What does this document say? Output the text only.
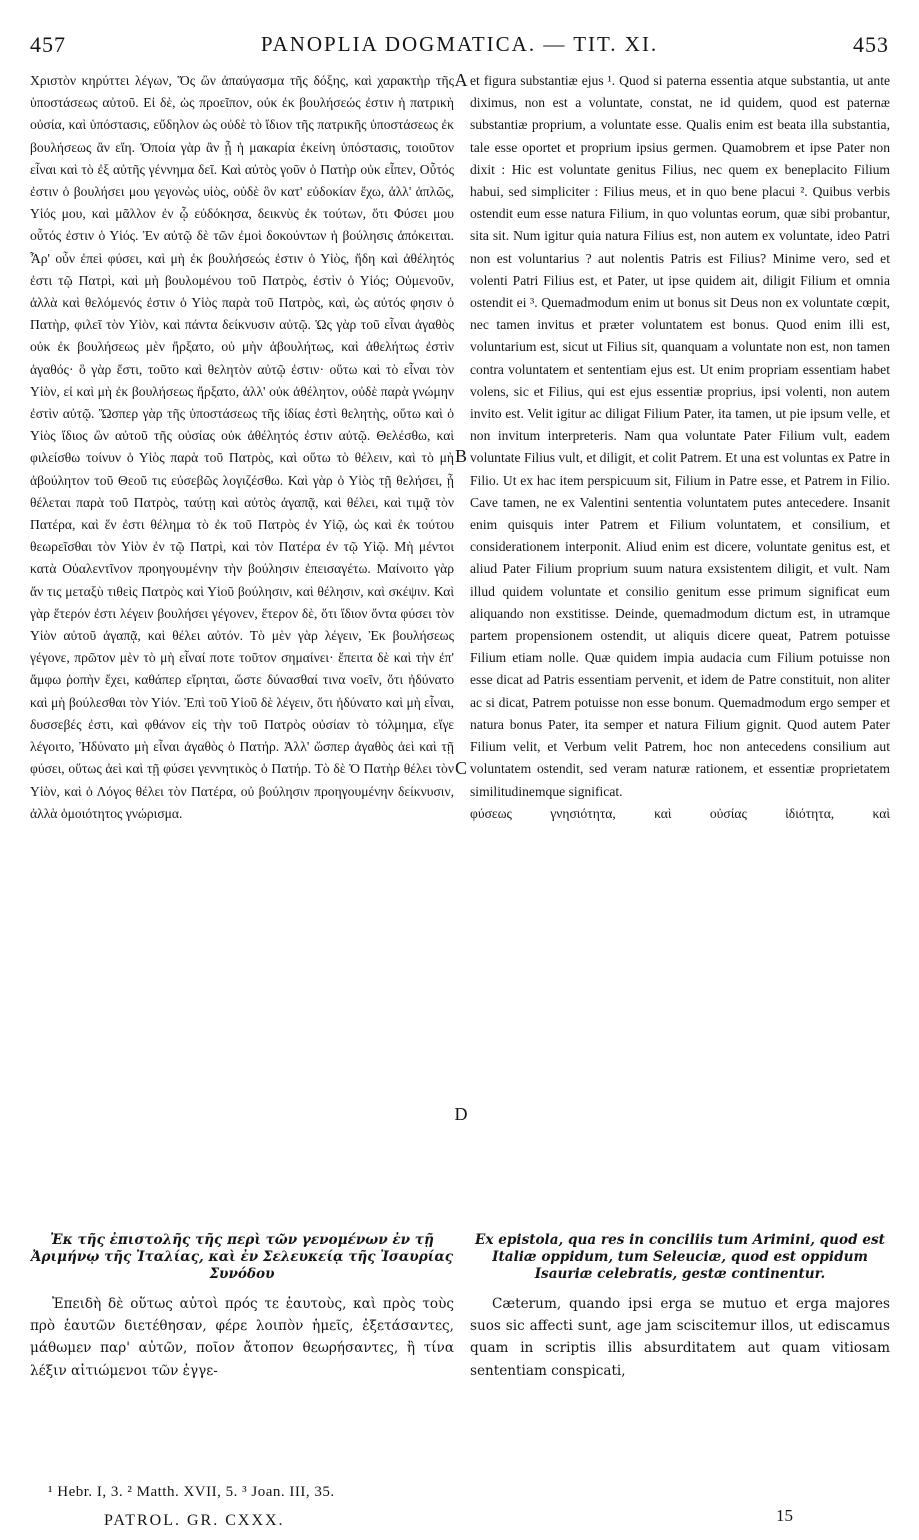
457	PANOPLIA DOGMATICA. — TIT. XI.	453

Χριστὸν κηρύττει λέγων, Ὅς ὢν ἀπαύγασμα τῆς δόξης, καὶ χαρακτὴρ τῆς ὑποστάσεως αὐτοῦ. Εἰ δὲ, ὡς προεῖπον, οὐκ ἐκ βουλήσεώς ἐστιν ἡ πατρικὴ οὐσία, καὶ ὑπόστασις, εὔδηλον ὡς οὐδὲ τὸ ἴδιον τῆς πατρικῆς ὑποστάσεως ἐκ βουλήσεως ἂν εἴη. Ὁποία γὰρ ἂν ᾖ ἡ μακαρία ἐκείνη ὑπόστασις, τοιοῦτον εἶναι καὶ τὸ ἐξ αὐτῆς γέννημα δεῖ. Καὶ αὐτὸς γοῦν ὁ Πατὴρ οὐκ εἶπεν, Οὗτός ἐστιν ὁ βουλήσει μου γεγονὼς υἱὸς, οὐδὲ ὃν κατ' εὐδοκίαν ἔχω, ἀλλ' ἁπλῶς, Υἱός μου, καὶ μᾶλλον ἐν ᾧ εὐδόκησα, δεικνὺς ἐκ τούτων, ὅτι Φύσει μου οὗτός ἐστιν ὁ Υἱός. Ἐν αὐτῷ δὲ τῶν ἐμοὶ δοκούντων ἡ βούλησις ἀπόκειται. Ἆρ' οὖν ἐπεὶ φύσει, καὶ μὴ ἐκ βουλήσεώς ἐστιν ὁ Υἱὸς, ἤδη καὶ ἀθέλητός ἐστι τῷ Πατρὶ, καὶ μὴ βουλομένου τοῦ Πατρὸς, ἐστὶν ὁ Υἱός; Οὐμενοῦν, ἀλλὰ καὶ θελόμενός ἐστιν ὁ Υἱὸς παρὰ τοῦ Πατρὸς, καὶ, ὡς αὐτός φησιν ὁ Πατὴρ, φιλεῖ τὸν Υἱὸν, καὶ πάντα δείκνυσιν αὐτῷ. Ὡς γὰρ τοῦ εἶναι ἀγαθὸς οὐκ ἐκ βουλήσεως μὲν ἤρξατο, οὐ μὴν ἀβουλήτως, καὶ ἀθελήτως ἐστὶν ἀγαθός· ὃ γὰρ ἔστι, τοῦτο καὶ θελητὸν αὐτῷ ἐστιν· οὕτω καὶ τὸ εἶναι τὸν Υἱὸν, εἰ καὶ μὴ ἐκ βουλήσεως ἤρξατο, ἀλλ' οὐκ ἀθέλητον, οὐδὲ παρὰ γνώμην ἐστὶν αὐτῷ. Ὥσπερ γὰρ τῆς ὑποστάσεως τῆς ἰδίας ἐστὶ θελητὴς, οὕτω καὶ ὁ Υἱὸς ἴδιος ὢν αὐτοῦ τῆς οὐσίας οὐκ ἀθέλητός ἐστιν αὐτῷ. Θελέσθω, καὶ φιλείσθω τοίνυν ὁ Υἱὸς παρὰ τοῦ Πατρὸς, καὶ οὕτω τὸ θέλειν, καὶ τὸ μὴ ἀβούλητον τοῦ Θεοῦ τις εὐσεβῶς λογιζέσθω. Καὶ γὰρ ὁ Υἱὸς τῇ θελήσει, ᾗ θέλεται παρὰ τοῦ Πατρὸς, ταύτῃ καὶ αὐτὸς ἀγαπᾷ, καὶ θέλει, καὶ τιμᾷ τὸν Πατέρα, καὶ ἕν ἐστι θέλημα τὸ ἐκ τοῦ Πατρὸς ἐν Υἱῷ, ὡς καὶ ἐκ τούτου θεωρεῖσθαι τὸν Υἱὸν ἐν τῷ Πατρὶ, καὶ τὸν Πατέρα ἐν τῷ Υἱῷ. Μὴ μέντοι κατὰ Οὐαλεντῖνον προηγουμένην τὴν βούλησιν ἐπεισαγέτω. Μαίνοιτο γὰρ ἄν τις μεταξὺ τιθεὶς Πατρὸς καὶ Υἱοῦ βούλησιν, καὶ θέλησιν, καὶ σκέψιν. Καὶ γὰρ ἕτερόν ἐστι λέγειν βουλήσει γέγονεν, ἕτερον δὲ, ὅτι ἴδιον ὄντα φύσει τὸν Υἱὸν αὐτοῦ ἀγαπᾷ, καὶ θέλει αὐτόν. Τὸ μὲν γὰρ λέγειν, Ἐκ βουλήσεως γέγονε, πρῶτον μὲν τὸ μὴ εἶναί ποτε τοῦτον σημαίνει· ἔπειτα δὲ καὶ τὴν ἐπ' ἄμφω ῥοπὴν ἔχει, καθάπερ εἴρηται, ὥστε δύνασθαί τινα νοεῖν, ὅτι ἠδύνατο καὶ μὴ βούλεσθαι τὸν Υἱόν. Ἐπὶ τοῦ Υἱοῦ δὲ λέγειν, ὅτι ἠδύνατο καὶ μὴ εἶναι, δυσσεβές ἐστι, καὶ φθάνον εἰς τὴν τοῦ Πατρὸς οὐσίαν τὸ τόλμημα, εἴγε λέγοιτο, Ἠδύνατο μὴ εἶναι ἀγαθὸς ὁ Πατήρ. Ἀλλ' ὥσπερ ἀγαθὸς ἀεὶ καὶ τῇ φύσει, οὕτως ἀεὶ καὶ τῇ φύσει γεννητικὸς ὁ Πατήρ. Τὸ δὲ Ὁ Πατὴρ θέλει τὸν Υἱὸν, καὶ ὁ Λόγος θέλει τὸν Πατέρα, οὐ βούλησιν προηγουμένην δείκνυσιν, ἀλλὰ ὁμοιότητος γνώρισμα.

et figura substantiæ ejus ¹. Quod si paterna essentia atque substantia, ut ante diximus, non est a voluntate, constat, ne id quidem, quod est paternæ substantiæ proprium, a voluntate esse. Qualis enim est beata illa substantia, tale esse oportet et proprium ipsius germen. Quamobrem et ipse Pater non dixit : Hic est voluntate genitus Filius, nec quem ex beneplacito Filium habui, sed simpliciter : Filius meus, et in quo bene placui ². Quibus verbis ostendit eum esse natura Filium, in quo voluntas eorum, quæ sibi probantur, sita sit. Num igitur quia natura Filius est, non autem ex voluntate, ideo Patri non est voluntarius ? aut nolentis Patris est Filius? Minime vero, sed et volenti Patri Filius est, et Pater, ut ipse quidem ait, diligit Filium et omnia ostendit ei ³. Quemadmodum enim ut bonus sit Deus non ex voluntate cœpit, nec tamen invitus et præter voluntatem est bonus. Quod enim illi est, voluntarium est, sicut ut Filius sit, quanquam a voluntate non est, non tamen contra voluntatem et sententiam ejus est. Ut enim propriam essentiam habet volens, sic et Filius, qui est ejus essentiæ proprius, ipsi volenti, non autem invito est. Velit igitur ac diligat Filium Pater, ita tamen, ut pie ipsum velle, et non invitum interpreteris. Nam qua voluntate Pater Filium vult, eadem voluntate Filius vult, et diligit, et colit Patrem. Et una est voluntas ex Patre in Filio. Ut ex hac item perspicuum sit, Filium in Patre esse, et Patrem in Filio. Cave tamen, ne ex Valentini sententia voluntatem putes antecedere. Insanit enim quisquis inter Patrem et Filium voluntatem, et consilium, et considerationem interponit. Aliud enim est dicere, voluntate genitus est, et aliud Pater Filium proprium suum natura exsistentem diligit, et vult. Nam illud quidem voluntate et consilio genitum esse primum significat eum aliquando non exstitisse. Deinde, quemadmodum dictum est, in utramque partem propensionem ostendit, ut aliquis dicere queat, Patrem potuisse Filium etiam nolle. Quæ quidem impia audacia cum Filium potuisse non esse dicat ad Patris essentiam pervenit, et idem de Patre constituit, non aliter ac si dicat, Patrem potuisse non esse bonum. Quemadmodum ergo semper et natura bonus Pater, ita semper et natura Filium gignit. Quod autem Pater Filium velit, et Verbum velit Patrem, hoc non antecedens consilium aut voluntatem ostendit, sed veram naturæ rationem, et essentiæ proprietatem similitudinemque significat.

φύσεως γνησιότητα, καὶ οὐσίας ἰδιότητα, καὶ

A
B
C
D

Ἐκ τῆς ἐπιστολῆς τῆς περὶ τῶν γενομένων ἐν τῇ Ἀριμήνῳ τῆς Ἰταλίας, καὶ ἐν Σελευκείᾳ τῆς Ἰσαυρίας Συνόδου

Ἐπειδὴ δὲ οὕτως αὐτοὶ πρός τε ἑαυτοὺς, καὶ πρὸς τοὺς πρὸ ἑαυτῶν διετέθησαν, φέρε λοιπὸν ἡμεῖς, ἐξετάσαντες, μάθωμεν παρ' αὐτῶν, ποῖον ἄτοπον θεωρήσαντες, ἢ τίνα λέξιν αἰτιώμενοι τῶν ἐγγε-

Ex epistola, qua res in conciliis tum Arimini, quod est Italiæ oppidum, tum Seleuciæ, quod est oppidum Isauriæ celebratis, gestæ continentur.

Cæterum, quando ipsi erga se mutuo et erga majores suos sic affecti sunt, age jam sciscitemur illos, ut ediscamus quam in scriptis illis absurditatem aut quam vitiosam sententiam conspicati,

¹ Hebr. I, 3. ² Matth. XVII, 5. ³ Joan. III, 35.
PATROL. GR. CXXX.	15
